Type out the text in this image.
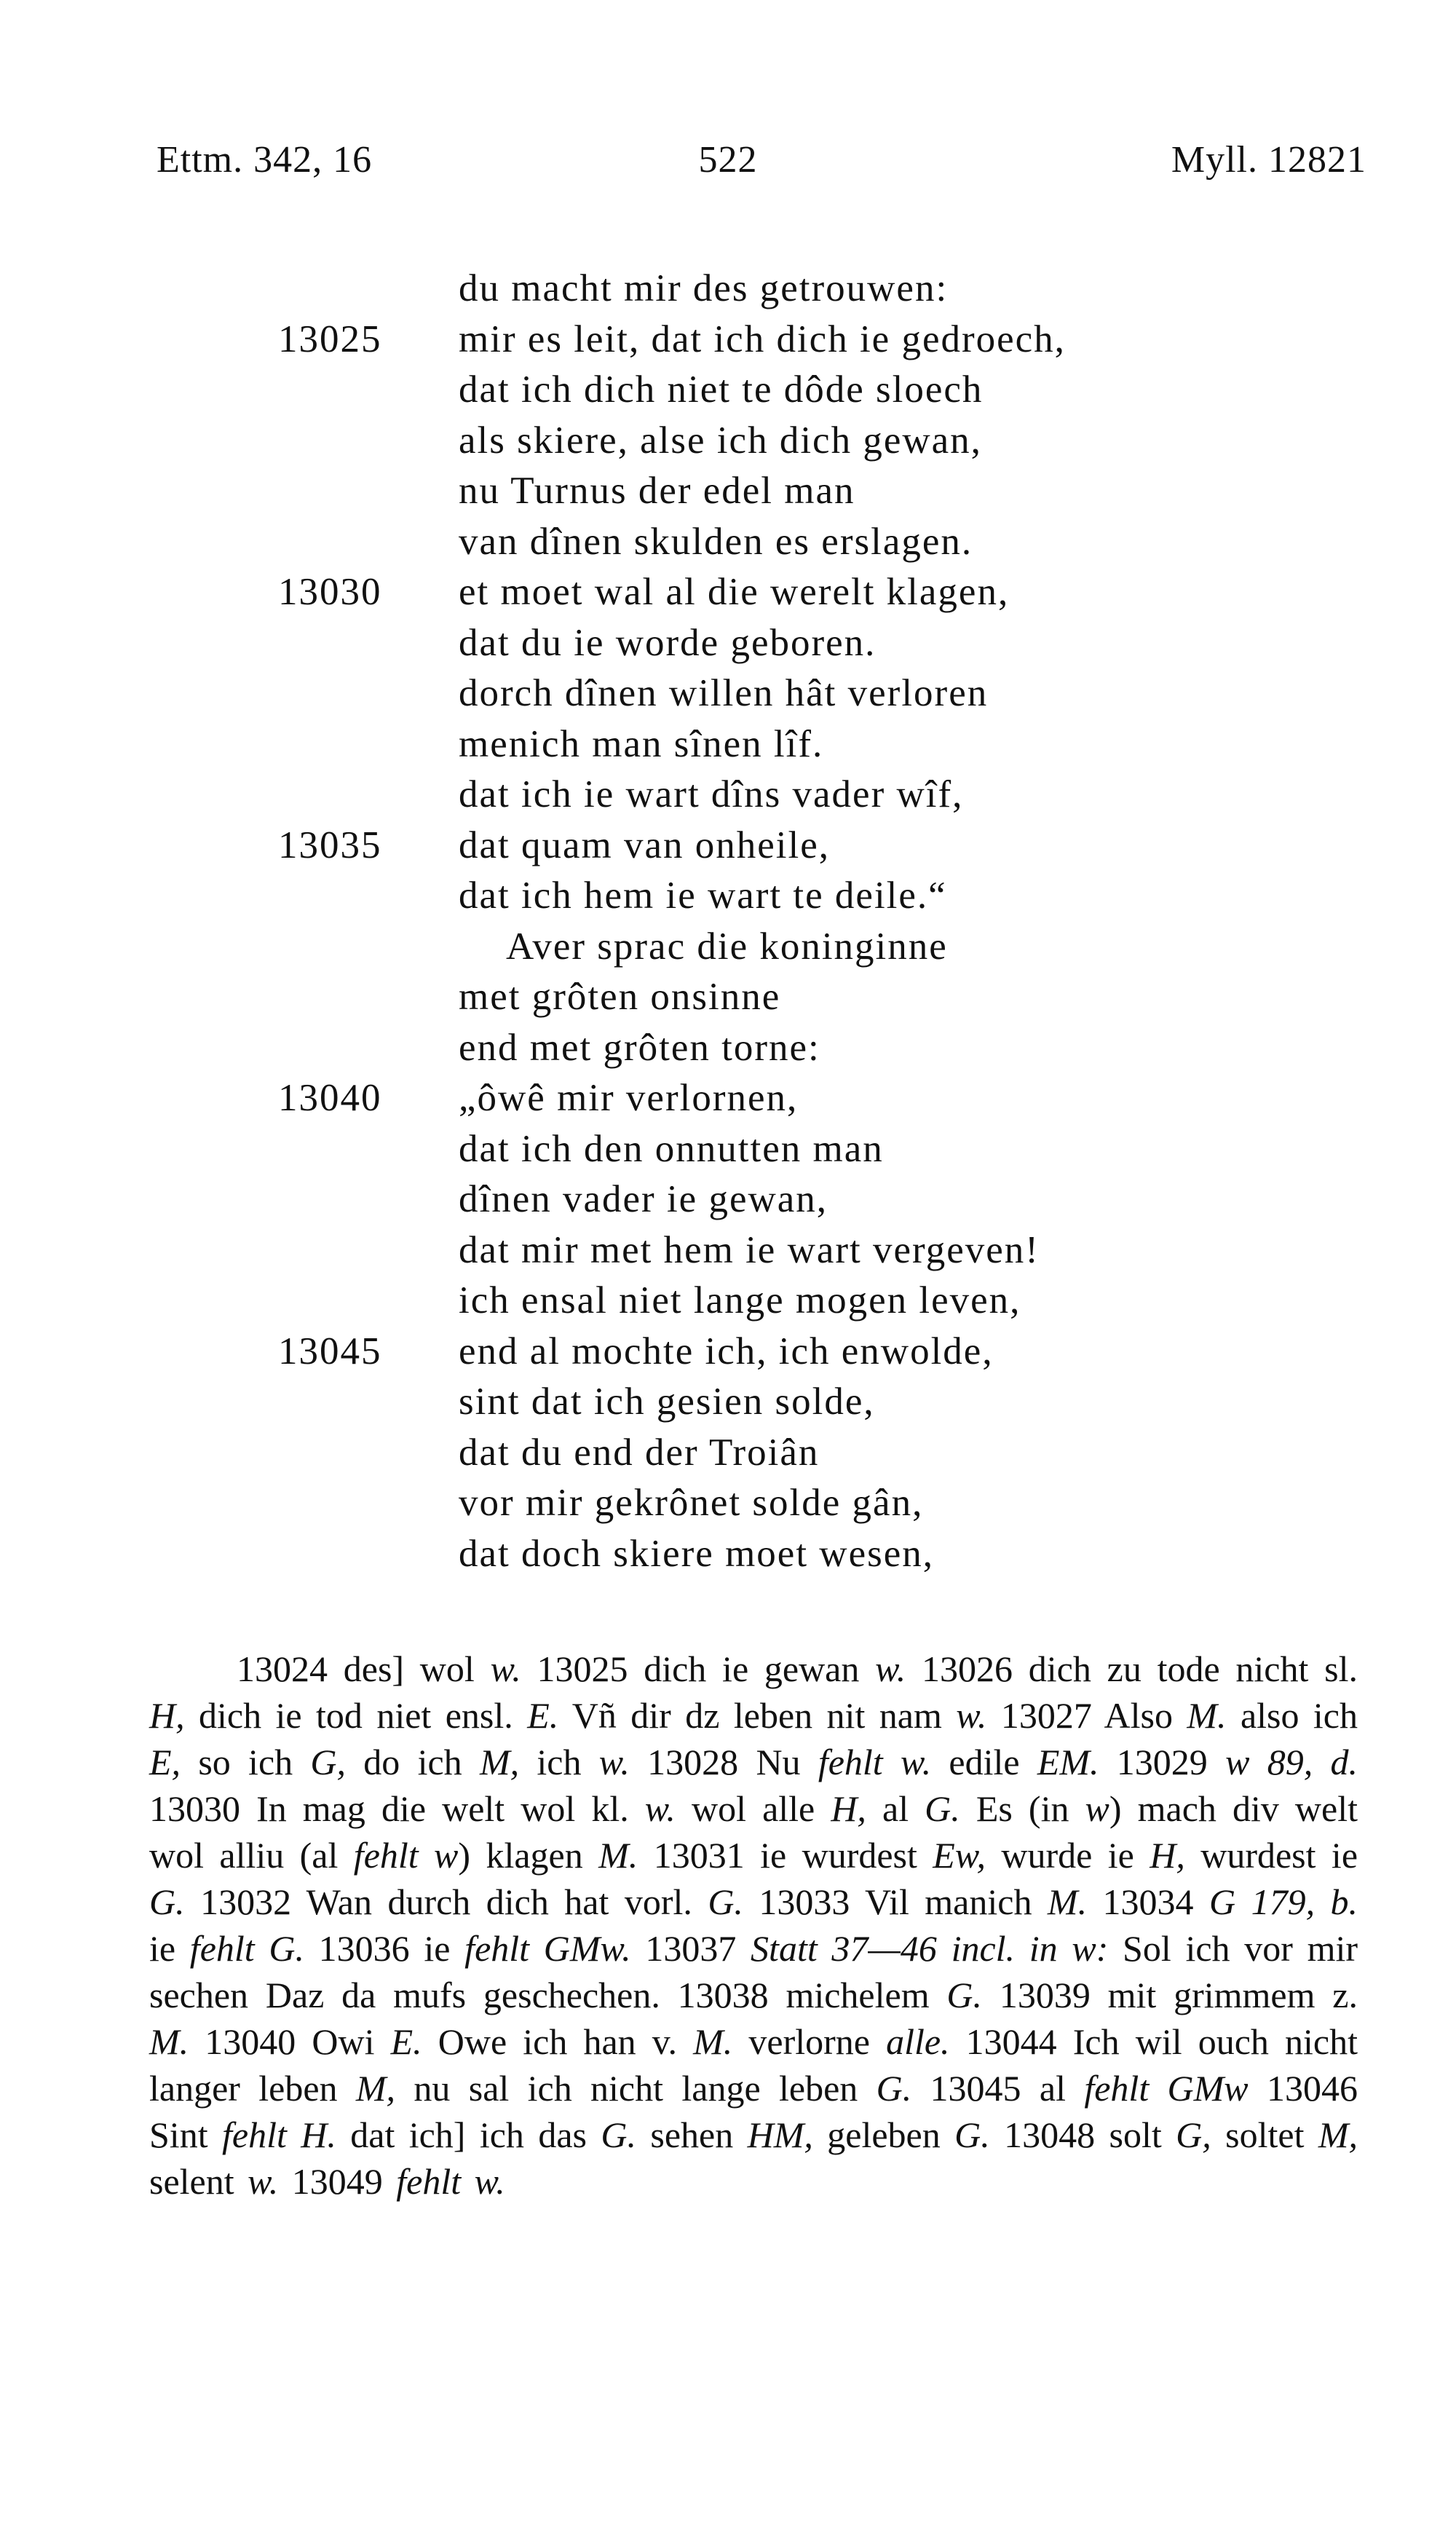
Ettm. 342, 16	522	Myll. 12821
du macht mir des getrouwen:
13025	mir es leit, dat ich dich ie gedroech,
dat ich dich niet te dôde sloech
als skiere, alse ich dich gewan,
nu Turnus der edel man
van dînen skulden es erslagen.
13030	et moet wal al die werelt klagen,
dat du ie worde geboren.
dorch dînen willen hât verloren
menich man sînen lîf.
dat ich ie wart dîns vader wîf,
13035	dat quam van onheile,
dat ich hem ie wart te deile.“
Aver sprac die koninginne
met grôten onsinne
end met grôten torne:
13040	„ôwê mir verlornen,
dat ich den onnutten man
dînen vader ie gewan,
dat mir met hem ie wart vergeven!
ich ensal niet lange mogen leven,
13045	end al mochte ich, ich enwolde,
sint dat ich gesien solde,
dat du end der Troiân
vor mir gekrônet solde gân,
dat doch skiere moet wesen,
13024 des] wol w. 13025 dich ie gewan w. 13026 dich zu tode nicht sl. H, dich ie tod niet ensl. E. Vñ dir dz leben nit nam w. 13027 Also M. also ich E, so ich G, do ich M, ich w. 13028 Nu fehlt w. edile EM. 13029 w 89, d. 13030 In mag die welt wol kl. w. wol alle H, al G. Es (in w) mach div welt wol alliu (al fehlt w) klagen M. 13031 ie wurdest Ew, wurde ie H, wurdest ie G. 13032 Wan durch dich hat vorl. G. 13033 Vil manich M. 13034 G 179, b. ie fehlt G. 13036 ie fehlt GMw. 13037 Statt 37—46 incl. in w: Sol ich vor mir sechen Daz da mufs geschechen. 13038 michelem G. 13039 mit grimmem z. M. 13040 Owi E. Owe ich han v. M. verlorne alle. 13044 Ich wil ouch nicht langer leben M, nu sal ich nicht lange leben G. 13045 al fehlt GMw 13046 Sint fehlt H. dat ich] ich das G. sehen HM, geleben G. 13048 solt G, soltet M, selent w. 13049 fehlt w.
